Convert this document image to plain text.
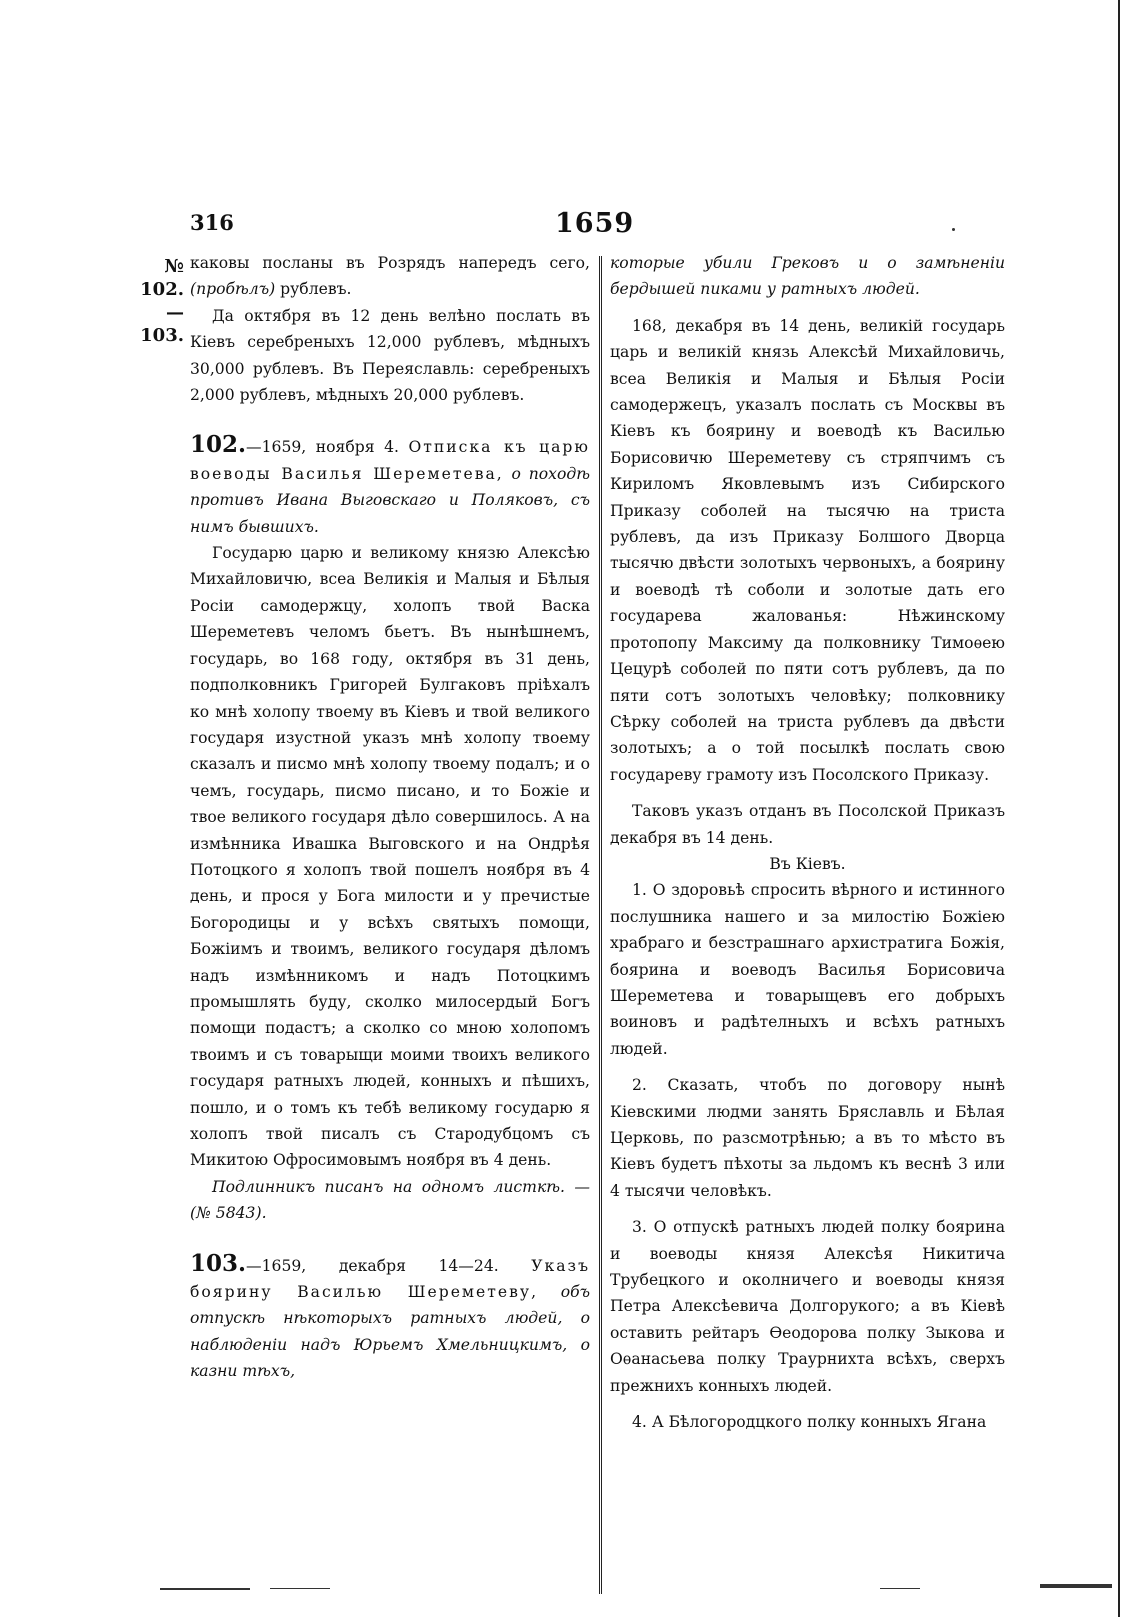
316	1659
№ 102.
— 103.

каковы посланы въ Розрядъ напередъ сего, (пробѣлъ) рублевъ.

Да октября въ 12 день велѣно послать въ Кіевъ серебреныхъ 12,000 рублевъ, мѣдныхъ 30,000 рублевъ. Въ Переяславль: серебреныхъ 2,000 рублевъ, мѣдныхъ 20,000 рублевъ.

102.—1659, ноября 4. Отписка къ царю воеводы Василья Шереметева, о походѣ противъ Ивана Выговскаго и Поляковъ, съ нимъ бывшихъ.

Государю царю и великому князю Алексѣю Михайловичю, всеа Великія и Малыя и Бѣлыя Росіи самодержцу, холопъ твой Васка Шереметевъ челомъ бьетъ. Въ нынѣшнемъ, государь, во 168 году, октября въ 31 день, подполковникъ Григорей Булгаковъ пріѣхалъ ко мнѣ холопу твоему въ Кіевъ и твой великого государя изустной указъ мнѣ холопу твоему сказалъ и писмо мнѣ холопу твоему подалъ; и о чемъ, государь, писмо писано, и то Божіе и твое великого государя дѣло совершилось. А на измѣнника Ивашка Выговского и на Ондрѣя Потоцкого я холопъ твой пошелъ ноября въ 4 день, и прося у Бога милости и у пречистые Богородицы и у всѣхъ святыхъ помощи, Божіимъ и твоимъ, великого государя дѣломъ надъ измѣнникомъ и надъ Потоцкимъ промышлять буду, сколко милосердый Богъ помощи подастъ; а сколко со мною холопомъ твоимъ и съ товарыщи моими твоихъ великого государя ратныхъ людей, конныхъ и пѣшихъ, пошло, и о томъ къ тебѣ великому государю я холопъ твой писалъ съ Стародубцомъ съ Микитою Офросимовымъ ноября въ 4 день.

Подлинникъ писанъ на одномъ листкѣ. — (№ 5843).

103.—1659, декабря 14—24. Указъ боярину Василью Шереметеву, объ отпускѣ нѣкоторыхъ ратныхъ людей, о наблюденіи надъ Юрьемъ Хмельницкимъ, о казни тѣхъ,

которые убили Грековъ и о замѣненіи бердышей пиками у ратныхъ людей.

168, декабря въ 14 день, великій государь царь и великій князь Алексѣй Михайловичь, всеа Великія и Малыя и Бѣлыя Росіи самодержецъ, указалъ послать съ Москвы въ Кіевъ къ боярину и воеводѣ къ Василью Борисовичю Шереметеву съ стряпчимъ съ Кириломъ Яковлевымъ изъ Сибирского Приказу соболей на тысячю на триста рублевъ, да изъ Приказу Болшого Дворца тысячю двѣсти золотыхъ червоныхъ, а боярину и воеводѣ тѣ соболи и золотые дать его государева жалованья: Нѣжинскому протопопу Максиму да полковнику Тимоѳею Цецурѣ соболей по пяти сотъ рублевъ, да по пяти сотъ золотыхъ человѣку; полковнику Сѣрку соболей на триста рублевъ да двѣсти золотыхъ; а о той посылкѣ послать свою государеву грамоту изъ Посолского Приказу.

Таковъ указъ отданъ въ Посолской Приказъ декабря въ 14 день.

Въ Кіевъ.

1. О здоровьѣ спросить вѣрного и истинного послушника нашего и за милостію Божіею храбраго и безстрашнаго архистратига Божія, боярина и воеводъ Василья Борисовича Шереметева и товарыщевъ его добрыхъ воиновъ и радѣтелныхъ и всѣхъ ратныхъ людей.

2. Сказать, чтобъ по договору нынѣ Кіевскими людми занять Бряславль и Бѣлая Церковь, по разсмотрѣнью; а въ то мѣсто въ Кіевъ будетъ пѣхоты за льдомъ къ веснѣ 3 или 4 тысячи человѣкъ.

3. О отпускѣ ратныхъ людей полку боярина и воеводы князя Алексѣя Никитича Трубецкого и околничего и воеводы князя Петра Алексѣевича Долгорукого; а въ Кіевѣ оставить рейтаръ Ѳеодорова полку Зыкова и Оѳанасьева полку Траурнихта всѣхъ, сверхъ прежнихъ конныхъ людей.

4. А Бѣлогородцкого полку конныхъ Ягана
